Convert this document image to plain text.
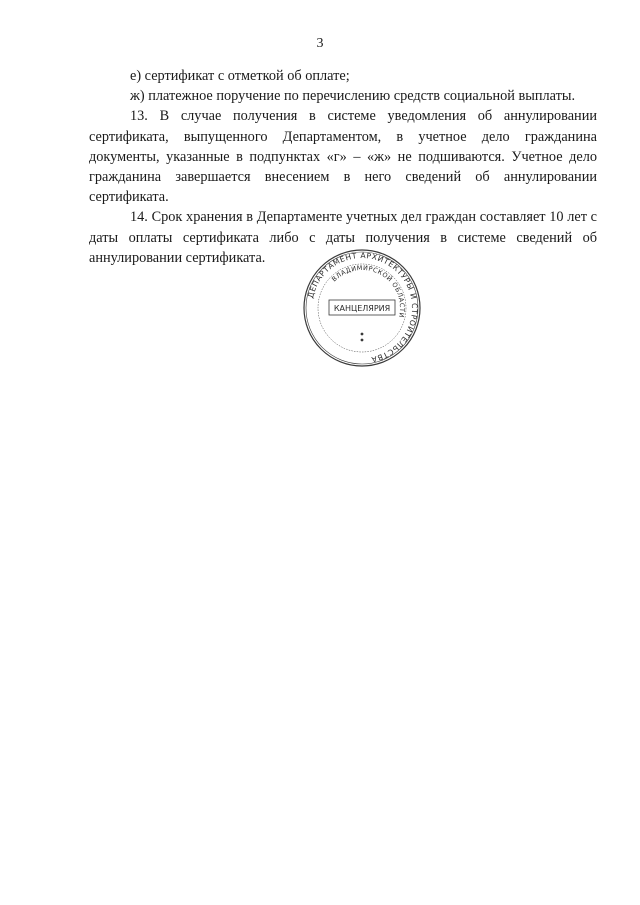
3

е) сертификат с отметкой об оплате;

ж) платежное поручение по перечислению средств социальной выплаты.

13. В случае получения в системе уведомления об аннулировании сертификата, выпущенного Департаментом, в учетное дело гражданина документы, указанные в подпунктах «г» – «ж» не подшиваются. Учетное дело гражданина завершается внесением в него сведений об аннулировании сертификата.

14. Срок хранения в Департаменте учетных дел граждан составляет 10 лет с даты оплаты сертификата либо с даты получения в системе сведений об аннулировании сертификата.

ДЕПАРТАМЕНТ АРХИТЕКТУРЫ И СТРОИТЕЛЬСТВА
ВЛАДИМИРСКОЙ ОБЛАСТИ
КАНЦЕЛЯРИЯ
